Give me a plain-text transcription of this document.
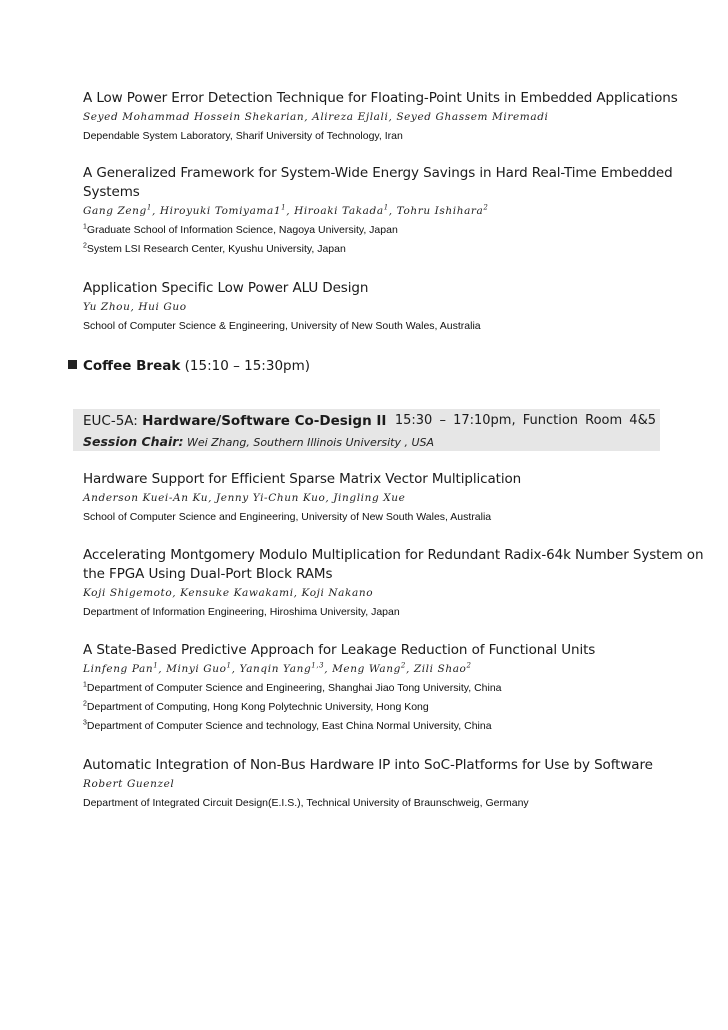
A Low Power Error Detection Technique for Floating-Point Units in Embedded Applications
Seyed Mohammad Hossein Shekarian, Alireza Ejlali, Seyed Ghassem Miremadi
Dependable System Laboratory, Sharif University of Technology, Iran
A Generalized Framework for System-Wide Energy Savings in Hard Real-Time Embedded
Systems
Gang Zeng$^1$, Hiroyuki $Tomiyama1^1$, Hiroaki Takada$^1$, Tohru Ishihara$^2$
$^1$Graduate School of Information Science, Nagoya University, Japan
$^2$System LSI Research Center, Kyushu University, Japan
Application Specific Low Power ALU Design
Yu Zhou, Hui Guo
School of Computer Science & Engineering, University of New South Wales, Australia
Coffee Break (15:10 – 15:30pm)
EUC-5A: Hardware/Software Co-Design II 15:30 – 17:10pm, Function Room 4&5
Session Chair: Wei Zhang, Southern Illinois University , USA
Hardware Support for Efficient Sparse Matrix Vector Multiplication
Anderson Kuei-An Ku, Jenny Yi-Chun Kuo, Jingling Xue
School of Computer Science and Engineering, University of New South Wales, Australia
Accelerating Montgomery Modulo Multiplication for Redundant Radix-64k Number System on
the FPGA Using Dual-Port Block RAMs
Koji Shigemoto, Kensuke Kawakami, Koji Nakano
Department of Information Engineering, Hiroshima University, Japan
A State-Based Predictive Approach for Leakage Reduction of Functional Units
Linfeng Pan$^1$, Minyi Guo$^1$, Yanqin Yang$^{1,3}$, Meng Wang$^2$, Zili Shao$^2$
$^1$Department of Computer Science and Engineering, Shanghai Jiao Tong University, China
$^2$Department of Computing, Hong Kong Polytechnic University, Hong Kong
$^3$Department of Computer Science and technology, East China Normal University, China
Automatic Integration of Non-Bus Hardware IP into SoC-Platforms for Use by Software
Robert Guenzel
Department of Integrated Circuit Design(E.I.S.), Technical University of Braunschweig, Germany
